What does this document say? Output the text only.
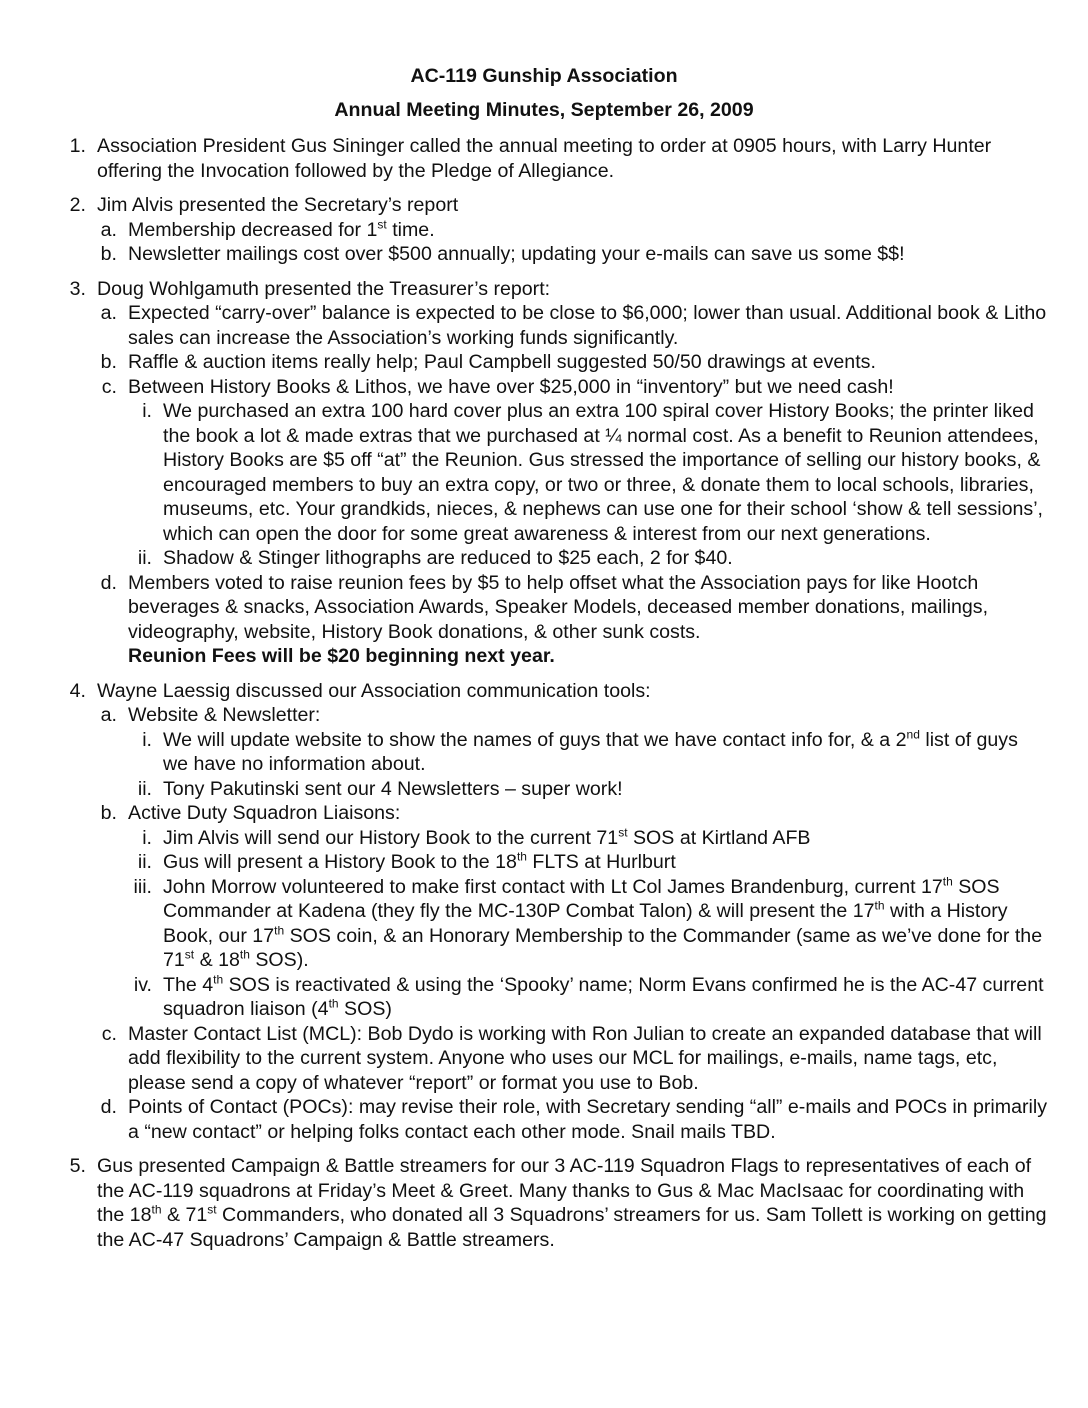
AC-119 Gunship Association
Annual Meeting Minutes, September 26, 2009
1. Association President Gus Sininger called the annual meeting to order at 0905 hours, with Larry Hunter offering the Invocation followed by the Pledge of Allegiance.
2. Jim Alvis presented the Secretary’s report
a. Membership decreased for 1st time.
b. Newsletter mailings cost over $500 annually; updating your e-mails can save us some $$!
3. Doug Wohlgamuth presented the Treasurer’s report:
a. Expected “carry-over” balance is expected to be close to $6,000; lower than usual. Additional book & Litho sales can increase the Association’s working funds significantly.
b. Raffle & auction items really help; Paul Campbell suggested 50/50 drawings at events.
c. Between History Books & Lithos, we have over $25,000 in “inventory” but we need cash!
i. We purchased an extra 100 hard cover plus an extra 100 spiral cover History Books; the printer liked the book a lot & made extras that we purchased at ¼ normal cost. As a benefit to Reunion attendees, History Books are $5 off “at” the Reunion. Gus stressed the importance of selling our history books, & encouraged members to buy an extra copy, or two or three, & donate them to local schools, libraries, museums, etc. Your grandkids, nieces, & nephews can use one for their school ‘show & tell sessions’, which can open the door for some great awareness & interest from our next generations.
ii. Shadow & Stinger lithographs are reduced to $25 each, 2 for $40.
d. Members voted to raise reunion fees by $5 to help offset what the Association pays for like Hootch beverages & snacks, Association Awards, Speaker Models, deceased member donations, mailings, videography, website, History Book donations, & other sunk costs.
Reunion Fees will be $20 beginning next year.
4. Wayne Laessig discussed our Association communication tools:
a. Website & Newsletter:
i. We will update website to show the names of guys that we have contact info for, & a 2nd list of guys we have no information about.
ii. Tony Pakutinski sent our 4 Newsletters – super work!
b. Active Duty Squadron Liaisons:
i. Jim Alvis will send our History Book to the current 71st SOS at Kirtland AFB
ii. Gus will present a History Book to the 18th FLTS at Hurlburt
iii. John Morrow volunteered to make first contact with Lt Col James Brandenburg, current 17th SOS Commander at Kadena (they fly the MC-130P Combat Talon) & will present the 17th with a History Book, our 17th SOS coin, & an Honorary Membership to the Commander (same as we’ve done for the 71st & 18th SOS).
iv. The 4th SOS is reactivated & using the ‘Spooky’ name; Norm Evans confirmed he is the AC-47 current squadron liaison (4th SOS)
c. Master Contact List (MCL): Bob Dydo is working with Ron Julian to create an expanded database that will add flexibility to the current system. Anyone who uses our MCL for mailings, e-mails, name tags, etc, please send a copy of whatever “report” or format you use to Bob.
d. Points of Contact (POCs): may revise their role, with Secretary sending “all” e-mails and POCs in primarily a “new contact” or helping folks contact each other mode. Snail mails TBD.
5. Gus presented Campaign & Battle streamers for our 3 AC-119 Squadron Flags to representatives of each of the AC-119 squadrons at Friday’s Meet & Greet. Many thanks to Gus & Mac MacIsaac for coordinating with the 18th & 71st Commanders, who donated all 3 Squadrons’ streamers for us. Sam Tollett is working on getting the AC-47 Squadrons’ Campaign & Battle streamers.
